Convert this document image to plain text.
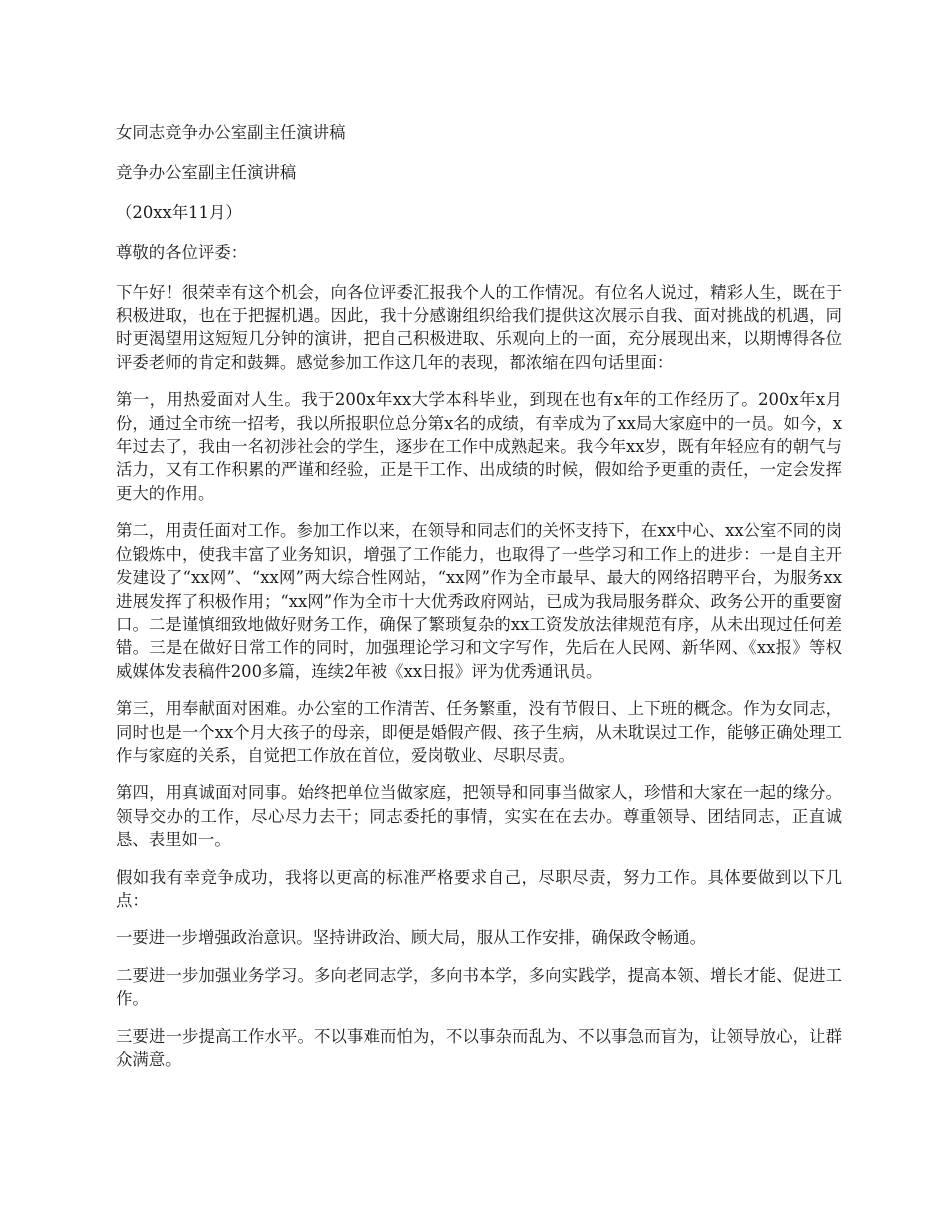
女同志竞争办公室副主任演讲稿

竞争办公室副主任演讲稿

（20xx年11月）

尊敬的各位评委：

下午好！很荣幸有这个机会，向各位评委汇报我个人的工作情况。有位名人说过，精彩人生，既在于积极进取，也在于把握机遇。因此，我十分感谢组织给我们提供这次展示自我、面对挑战的机遇，同时更渴望用这短短几分钟的演讲，把自己积极进取、乐观向上的一面，充分展现出来，以期博得各位评委老师的肯定和鼓舞。感觉参加工作这几年的表现，都浓缩在四句话里面：

第一，用热爱面对人生。我于200x年xx大学本科毕业，到现在也有x年的工作经历了。200x年x月份，通过全市统一招考，我以所报职位总分第x名的成绩，有幸成为了xx局大家庭中的一员。如今，x年过去了，我由一名初涉社会的学生，逐步在工作中成熟起来。我今年xx岁，既有年轻应有的朝气与活力，又有工作积累的严谨和经验，正是干工作、出成绩的时候，假如给予更重的责任，一定会发挥更大的作用。

第二，用责任面对工作。参加工作以来，在领导和同志们的关怀支持下，在xx中心、xx公室不同的岗位锻炼中，使我丰富了业务知识，增强了工作能力，也取得了一些学习和工作上的进步：一是自主开发建设了“xx网”、“xx网”两大综合性网站，“xx网”作为全市最早、最大的网络招聘平台，为服务xx进展发挥了积极作用；“xx网”作为全市十大优秀政府网站，已成为我局服务群众、政务公开的重要窗口。二是谨慎细致地做好财务工作，确保了繁琐复杂的xx工资发放法律规范有序，从未出现过任何差错。三是在做好日常工作的同时，加强理论学习和文字写作，先后在人民网、新华网、《xx报》等权威媒体发表稿件200多篇，连续2年被《xx日报》评为优秀通讯员。

第三，用奉献面对困难。办公室的工作清苦、任务繁重，没有节假日、上下班的概念。作为女同志，同时也是一个xx个月大孩子的母亲，即便是婚假产假、孩子生病，从未耽误过工作，能够正确处理工作与家庭的关系，自觉把工作放在首位，爱岗敬业、尽职尽责。

第四，用真诚面对同事。始终把单位当做家庭，把领导和同事当做家人，珍惜和大家在一起的缘分。领导交办的工作，尽心尽力去干；同志委托的事情，实实在在去办。尊重领导、团结同志，正直诚恳、表里如一。

假如我有幸竞争成功，我将以更高的标准严格要求自己，尽职尽责，努力工作。具体要做到以下几点：

一要进一步增强政治意识。坚持讲政治、顾大局，服从工作安排，确保政令畅通。

二要进一步加强业务学习。多向老同志学，多向书本学，多向实践学，提高本领、增长才能、促进工作。

三要进一步提高工作水平。不以事难而怕为，不以事杂而乱为、不以事急而盲为，让领导放心，让群众满意。
